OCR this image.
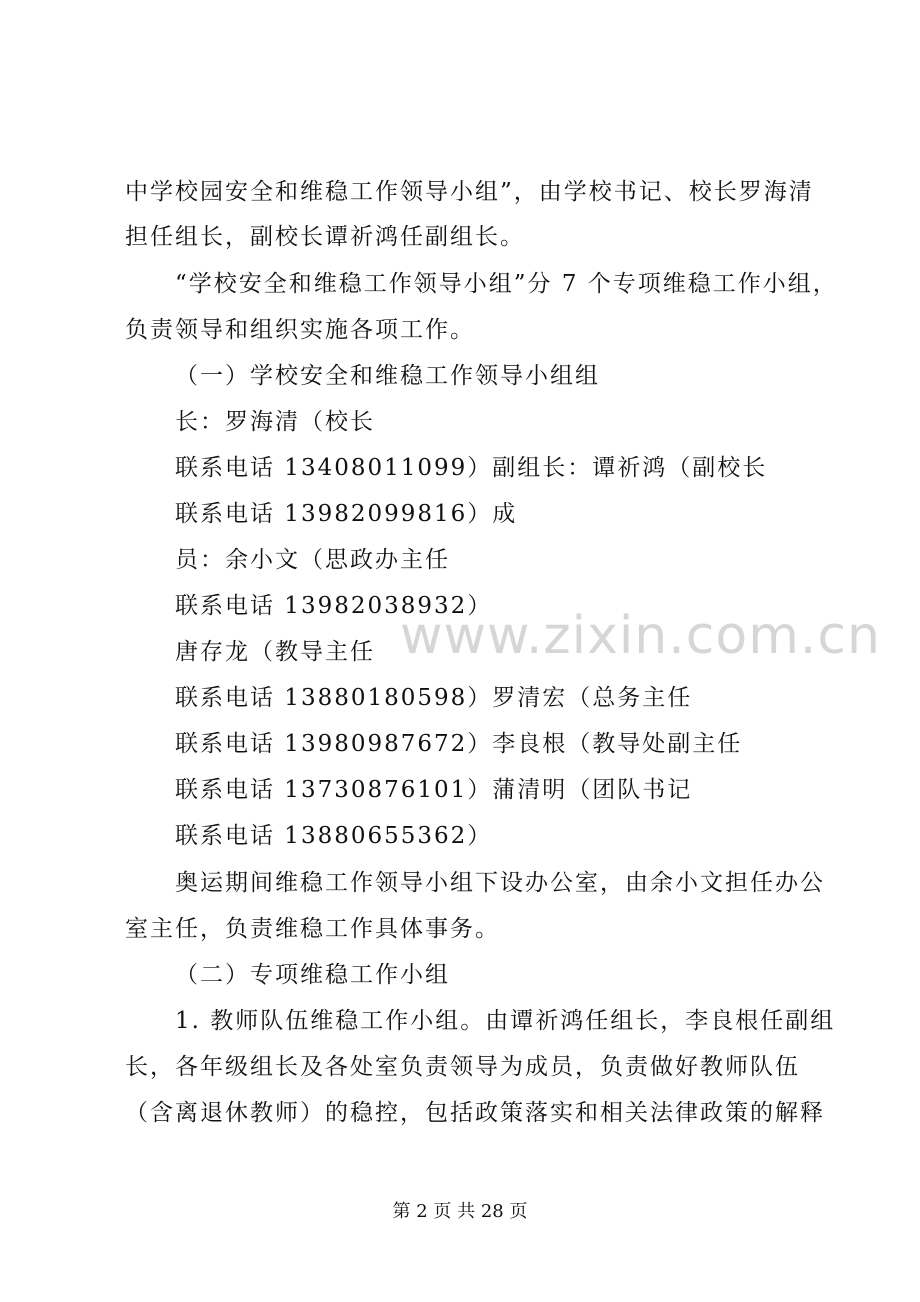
www.zixin.com.cn
中学校园安全和维稳工作领导小组”，由学校书记、校长罗海清
担任组长，副校长谭祈鸿任副组长。
“学校安全和维稳工作领导小组”分 7 个专项维稳工作小组，
负责领导和组织实施各项工作。
（一）学校安全和维稳工作领导小组组
长：罗海清（校长
联系电话 13408011099）副组长：谭祈鸿（副校长
联系电话 13982099816）成
员：余小文（思政办主任
联系电话 13982038932）
唐存龙（教导主任
联系电话 13880180598）罗清宏（总务主任
联系电话 13980987672）李良根（教导处副主任
联系电话 13730876101）蒲清明（团队书记
联系电话 13880655362）
奥运期间维稳工作领导小组下设办公室，由余小文担任办公
室主任，负责维稳工作具体事务。
（二）专项维稳工作小组
1. 教师队伍维稳工作小组。由谭祈鸿任组长，李良根任副组
长，各年级组长及各处室负责领导为成员，负责做好教师队伍
（含离退休教师）的稳控，包括政策落实和相关法律政策的解释
第 2 页 共 28 页
